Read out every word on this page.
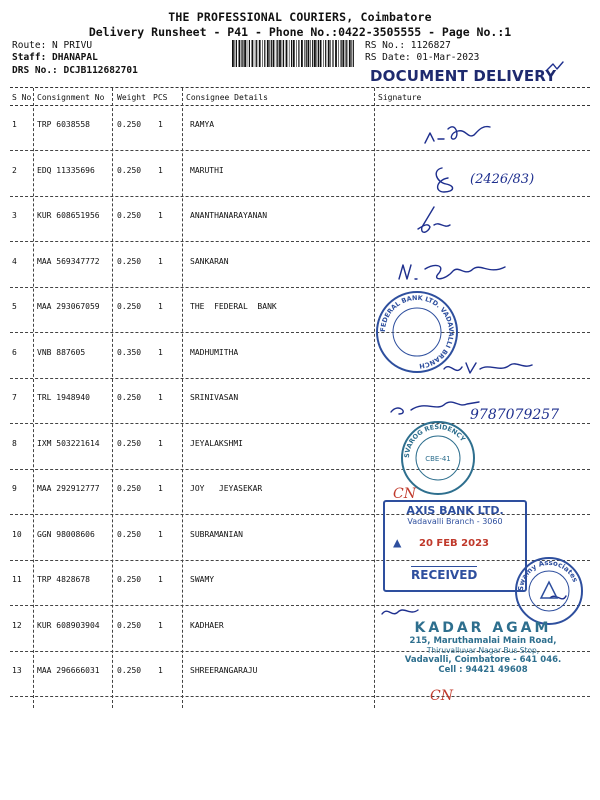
THE PROFESSIONAL COURIERS, Coimbatore
Delivery Runsheet - P41 - Phone No.:0422-3505555 - Page No.:1
Route: N PRIVU
Staff: DHANAPAL
DRS No.: DCJB112682701
RS No.: 1126827
RS Date: 01-Mar-2023
DOCUMENT DELIVERY
S No Consignment No Weight PCS Consignee Details	Signature
1	TRP 6038558	0.250 1	RAMYA
2	EDQ 11335696	0.250 1	MARUTHI
3	KUR 608651956 0.250 1	ANANTHANARAYANAN
4	MAA 569347772 0.250 1	SANKARAN
5	MAA 293067059 0.250 1	THE  FEDERAL  BANK
6	VNB 887605	0.350 1	MADHUMITHA
7	TRL 1948940	0.250 1	SRINIVASAN
8	IXM 503221614 0.250 1	JEYALAKSHMI
9	MAA 292912777 0.250 1	JOY   JEYASEKAR
10 GGN 98008606	0.250 1	SUBRAMANIAN
11 TRP 4828678	0.250 1	SWAMY
12 KUR 608903904 0.250 1	KADHAER
13 MAA 296666031 0.250 1	SHREERANGARAJU
(2426/83)
9787079257
FEDERAL BANK LTD. VADAVALLI BRANCH
SVAROG RESIDENCY
CBE-41
CN
CN
AXIS BANK LTD.
Vadavalli Branch - 3060
▲ 20 FEB 2023
RECEIVED
Swamy Associates
KADAR AGAM
215, Maruthamalai Main Road,
Thiruvalluvar Nagar Bus Stop,
Vadavalli, Coimbatore - 641 046.
Cell : 94421 49608
